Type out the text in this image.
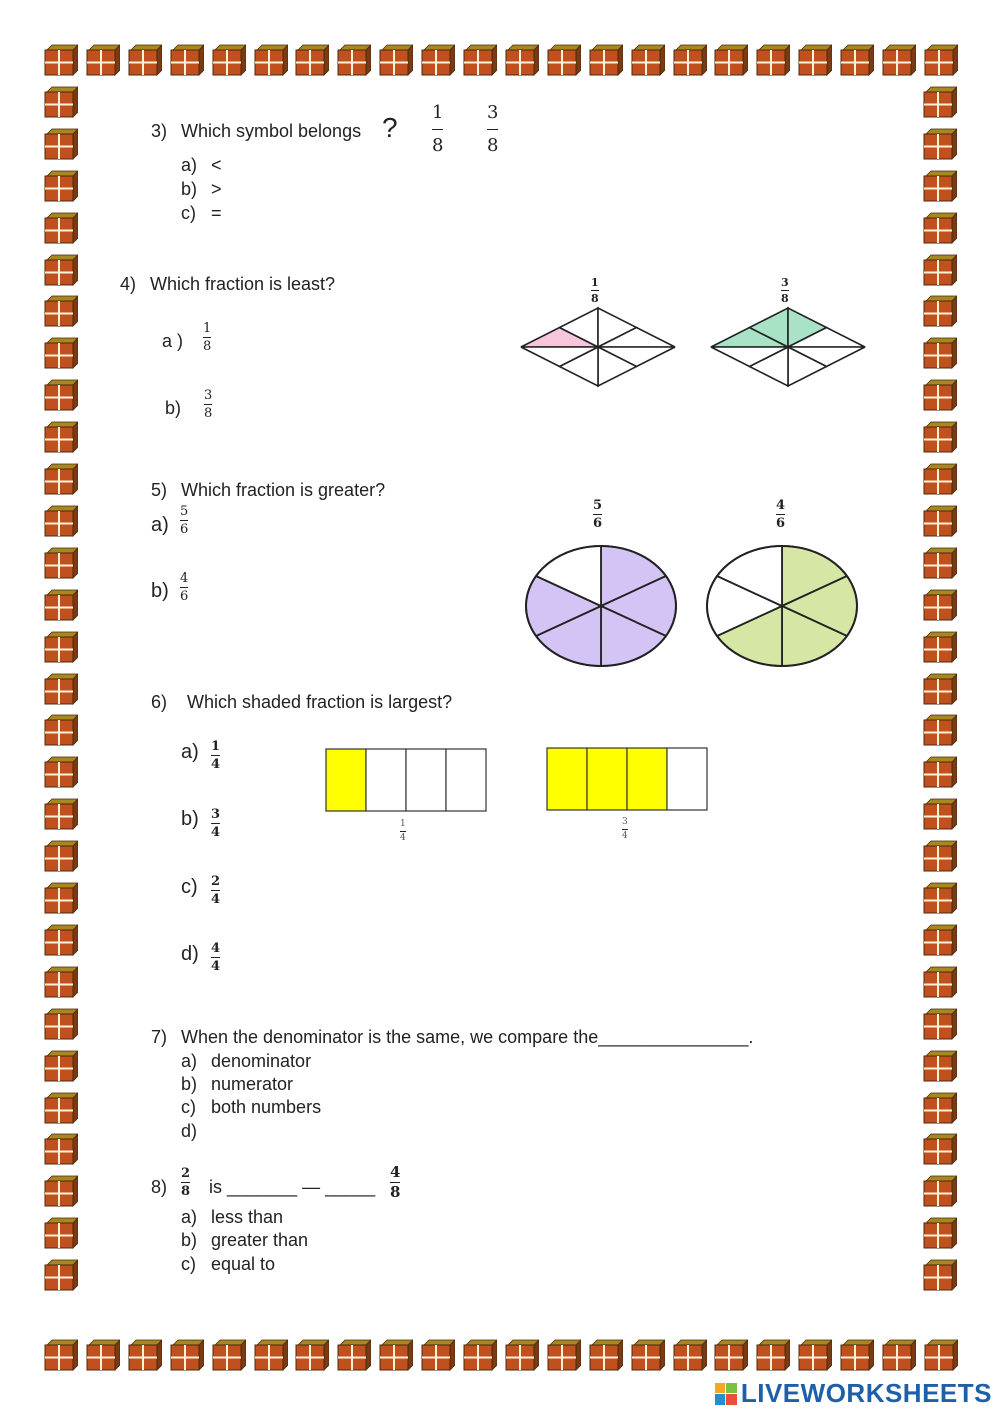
3) Which symbol belongs ? 1
8
3
8
a) <
b) >
c) =
4) Which fraction is least?
a )
1
8
b)
3
8
1
8
3
8
5) Which fraction is greater?
a)
5
6
b)
4
6
5
6
4
6
6) Which shaded fraction is largest?
a) 1
4
b) 3
4
c) 2
4
d) 4
4
1
4
3
4
7) When the denominator is the same, we compare the_______________.
a) denominator
b) numerator
c) both numbers
d)
8)
2
8 is _______ — _____
4
8
a) less than
b) greater than
c) equal to
LIVEWORKSHEETS
